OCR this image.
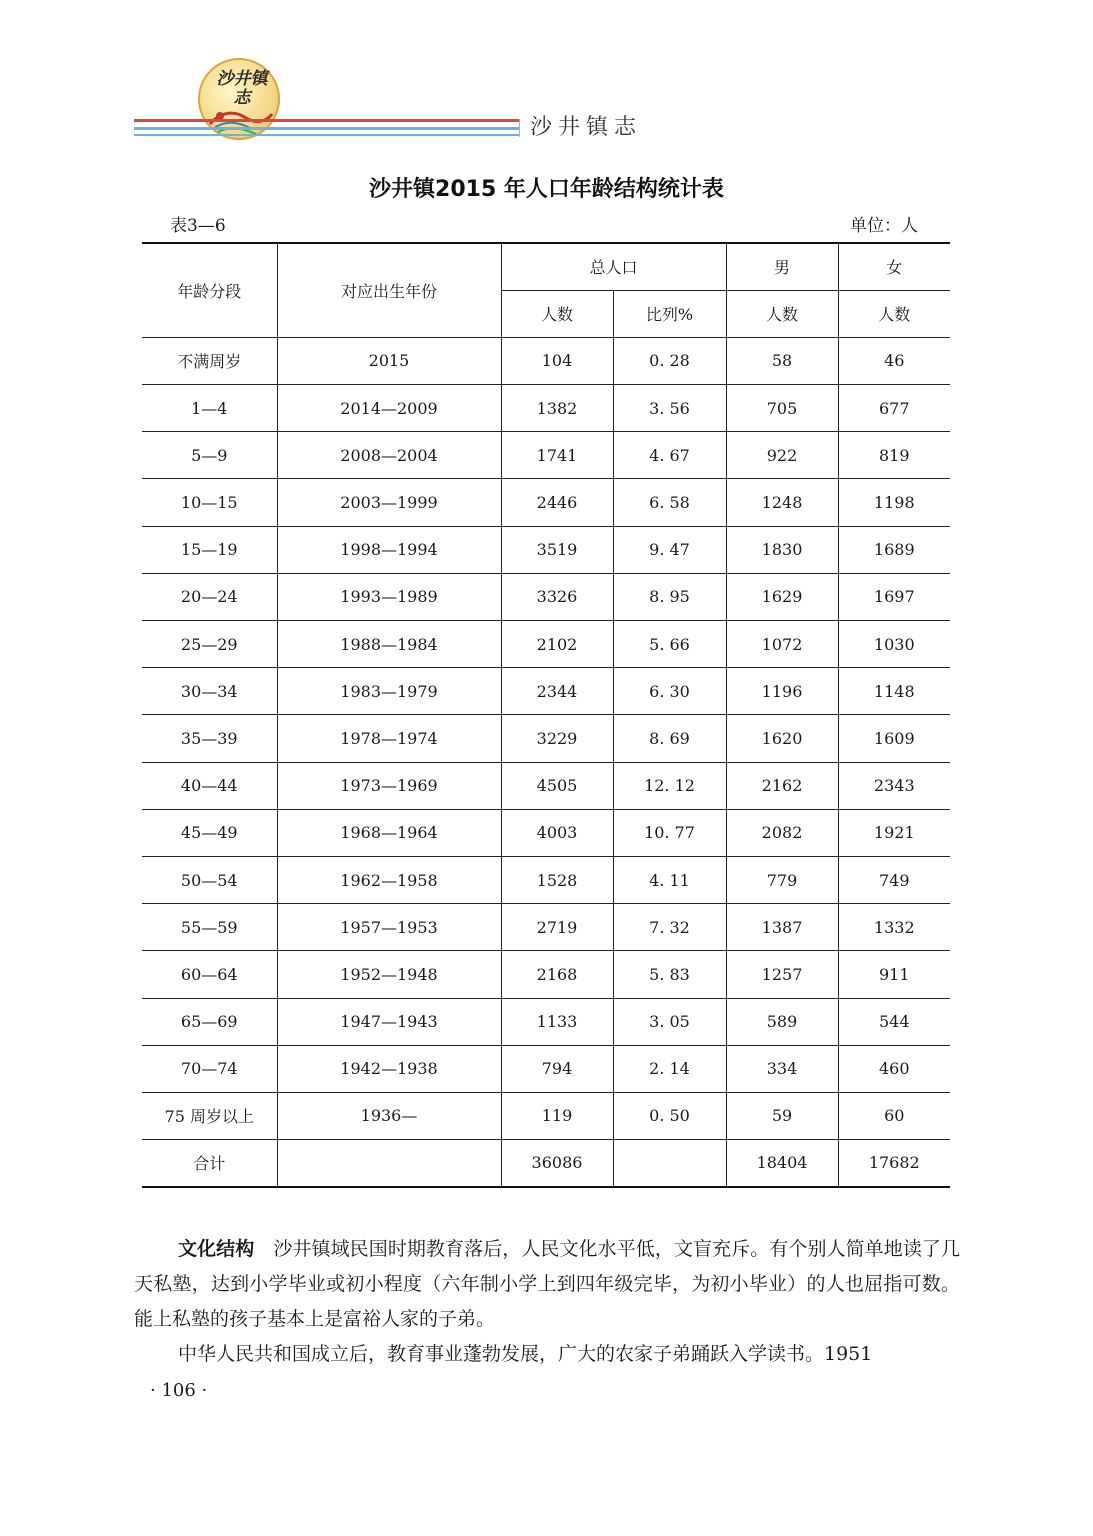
沙井镇志
沙井镇志
沙井镇2015 年人口年龄结构统计表
表3—6	单位：人
年龄分段	对应出生年份	总人口		男	女
		人数	比列%	人数	人数
不满周岁	2015	104	0. 28	58	46
1—4	2014—2009	1382	3. 56	705	677
5—9	2008—2004	1741	4. 67	922	819
10—15	2003—1999	2446	6. 58	1248	1198
15—19	1998—1994	3519	9. 47	1830	1689
20—24	1993—1989	3326	8. 95	1629	1697
25—29	1988—1984	2102	5. 66	1072	1030
30—34	1983—1979	2344	6. 30	1196	1148
35—39	1978—1974	3229	8. 69	1620	1609
40—44	1973—1969	4505	12. 12	2162	2343
45—49	1968—1964	4003	10. 77	2082	1921
50—54	1962—1958	1528	4. 11	779	749
55—59	1957—1953	2719	7. 32	1387	1332
60—64	1952—1948	2168	5. 83	1257	911
65—69	1947—1943	1133	3. 05	589	544
70—74	1942—1938	794	2. 14	334	460
75 周岁以上	1936—	119	0. 50	59	60
合计		36086		18404	17682

文化结构　 沙井镇域民国时期教育落后，人民文化水平低，文盲充斥。有个别人简单地读了几天私塾，达到小学毕业或初小程度（六年制小学上到四年级完毕，为初小毕业）的人也屈指可数。能上私塾的孩子基本上是富裕人家的子弟。

中华人民共和国成立后，教育事业蓬勃发展，广大的农家子弟踊跃入学读书。1951

· 106 ·
